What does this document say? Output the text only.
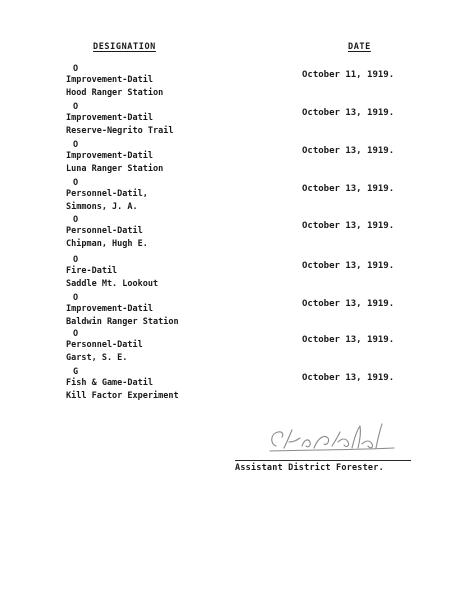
DESIGNATION	DATE
O
Improvement-Datil
Hood Ranger Station
October 11, 1919.
O
Improvement-Datil
Reserve-Negrito Trail
October 13, 1919.
O
Improvement-Datil
Luna Ranger Station
October 13, 1919.
O
Personnel-Datil,
Simmons, J. A.
October 13, 1919.
O
Personnel-Datil
Chipman, Hugh E.
October 13, 1919.
O
Fire-Datil
Saddle Mt. Lookout
October 13, 1919.
O
Improvement-Datil
Baldwin Ranger Station
October 13, 1919.
O
Personnel-Datil
Garst, S. E.
October 13, 1919.
G
Fish & Game-Datil
Kill Factor Experiment
October 13, 1919.
Assistant District Forester.
